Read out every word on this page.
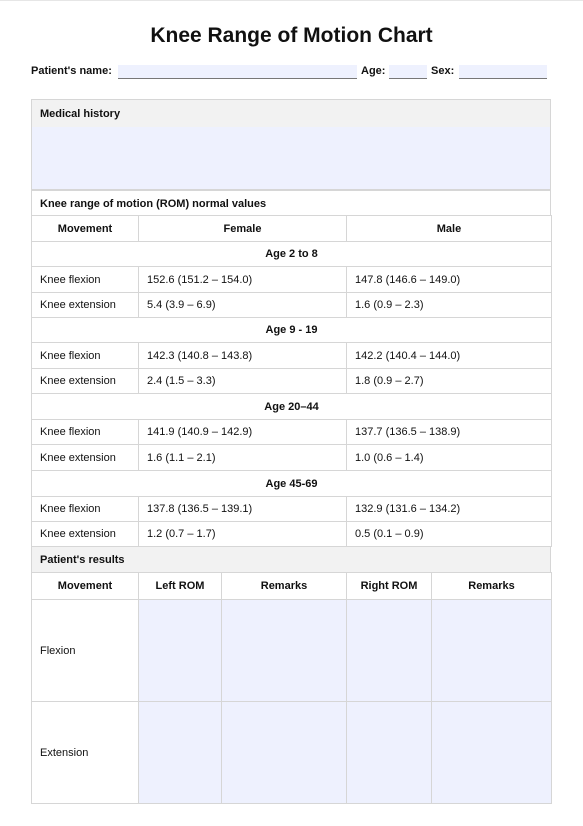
Knee Range of Motion Chart
Patient's name:	Age:	Sex:
Medical history
Knee range of motion (ROM) normal values
Movement	Female	Male
Age 2 to 8		
Knee flexion	152.6 (151.2 – 154.0)	147.8 (146.6 – 149.0)
Knee extension	5.4 (3.9 – 6.9)	1.6 (0.9 – 2.3)
Age 9 - 19		
Knee flexion	142.3 (140.8 – 143.8)	142.2 (140.4 – 144.0)
Knee extension	2.4 (1.5 – 3.3)	1.8 (0.9 – 2.7)
Age 20–44		
Knee flexion	141.9 (140.9 – 142.9)	137.7 (136.5 – 138.9)
Knee extension	1.6 (1.1 – 2.1)	1.0 (0.6 – 1.4)
Age 45-69		
Knee flexion	137.8 (136.5 – 139.1)	132.9 (131.6 – 134.2)
Knee extension	1.2 (0.7 – 1.7)	0.5 (0.1 – 0.9)
Patient's results
Movement	Left ROM	Remarks	Right ROM	Remarks
Flexion				
Extension				
